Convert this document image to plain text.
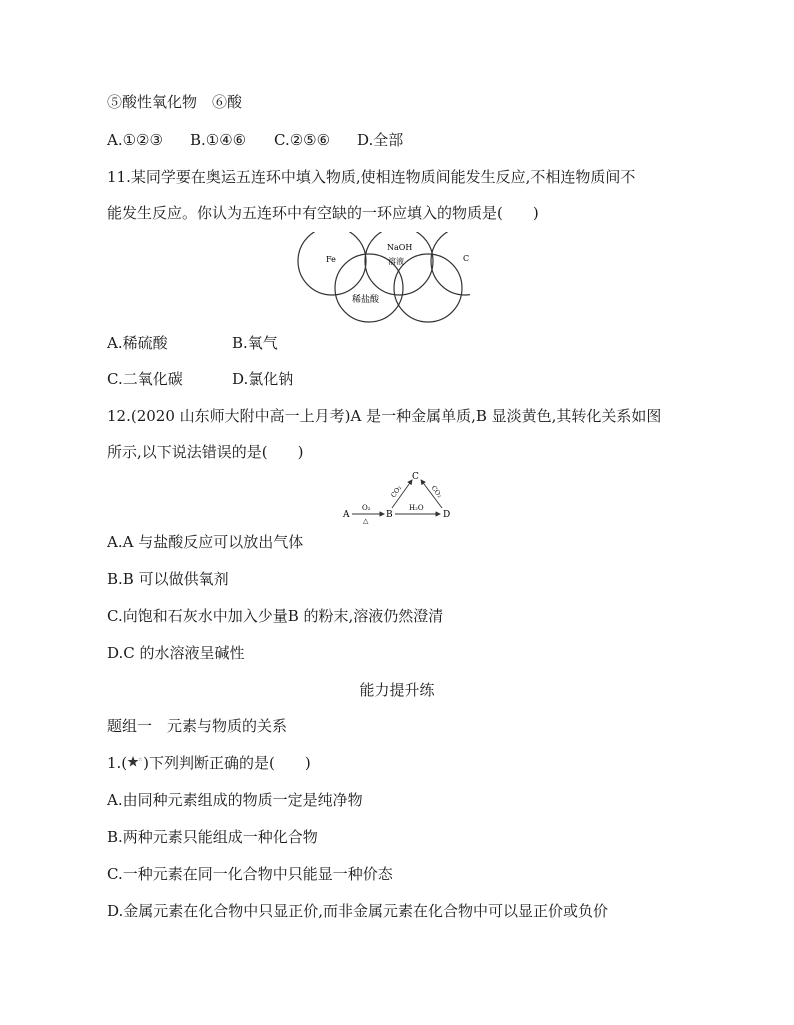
⑤酸性氧化物　⑥酸
A.①②③ B.①④⑥ C.②⑤⑥ D.全部
11.某同学要在奥运五连环中填入物质,使相连物质间能发生反应,不相连物质间不
能发生反应。你认为五连环中有空缺的一环应填入的物质是(　　)
Fe
NaOH
溶液	C
稀盐酸
A.稀硫酸	B.氧气
C.二氧化碳	D.氯化钠
12.(2020 山东师大附中高一上月考)A 是一种金属单质,B 显淡黄色,其转化关系如图
所示,以下说法错误的是(　　)
A	B
C
D
O₂
△
H₂O
CO₂	CO₂
A.A 与盐酸反应可以放出气体
B.B 可以做供氧剂
C.向饱和石灰水中加入少量B 的粉末,溶液仍然澄清
D.C 的水溶液呈碱性
能力提升练
题组一　元素与物质的关系
1.( ☆ )下列判断正确的是(　　)
A.由同种元素组成的物质一定是纯净物
B.两种元素只能组成一种化合物
C.一种元素在同一化合物中只能显一种价态
D.金属元素在化合物中只显正价,而非金属元素在化合物中可以显正价或负价
